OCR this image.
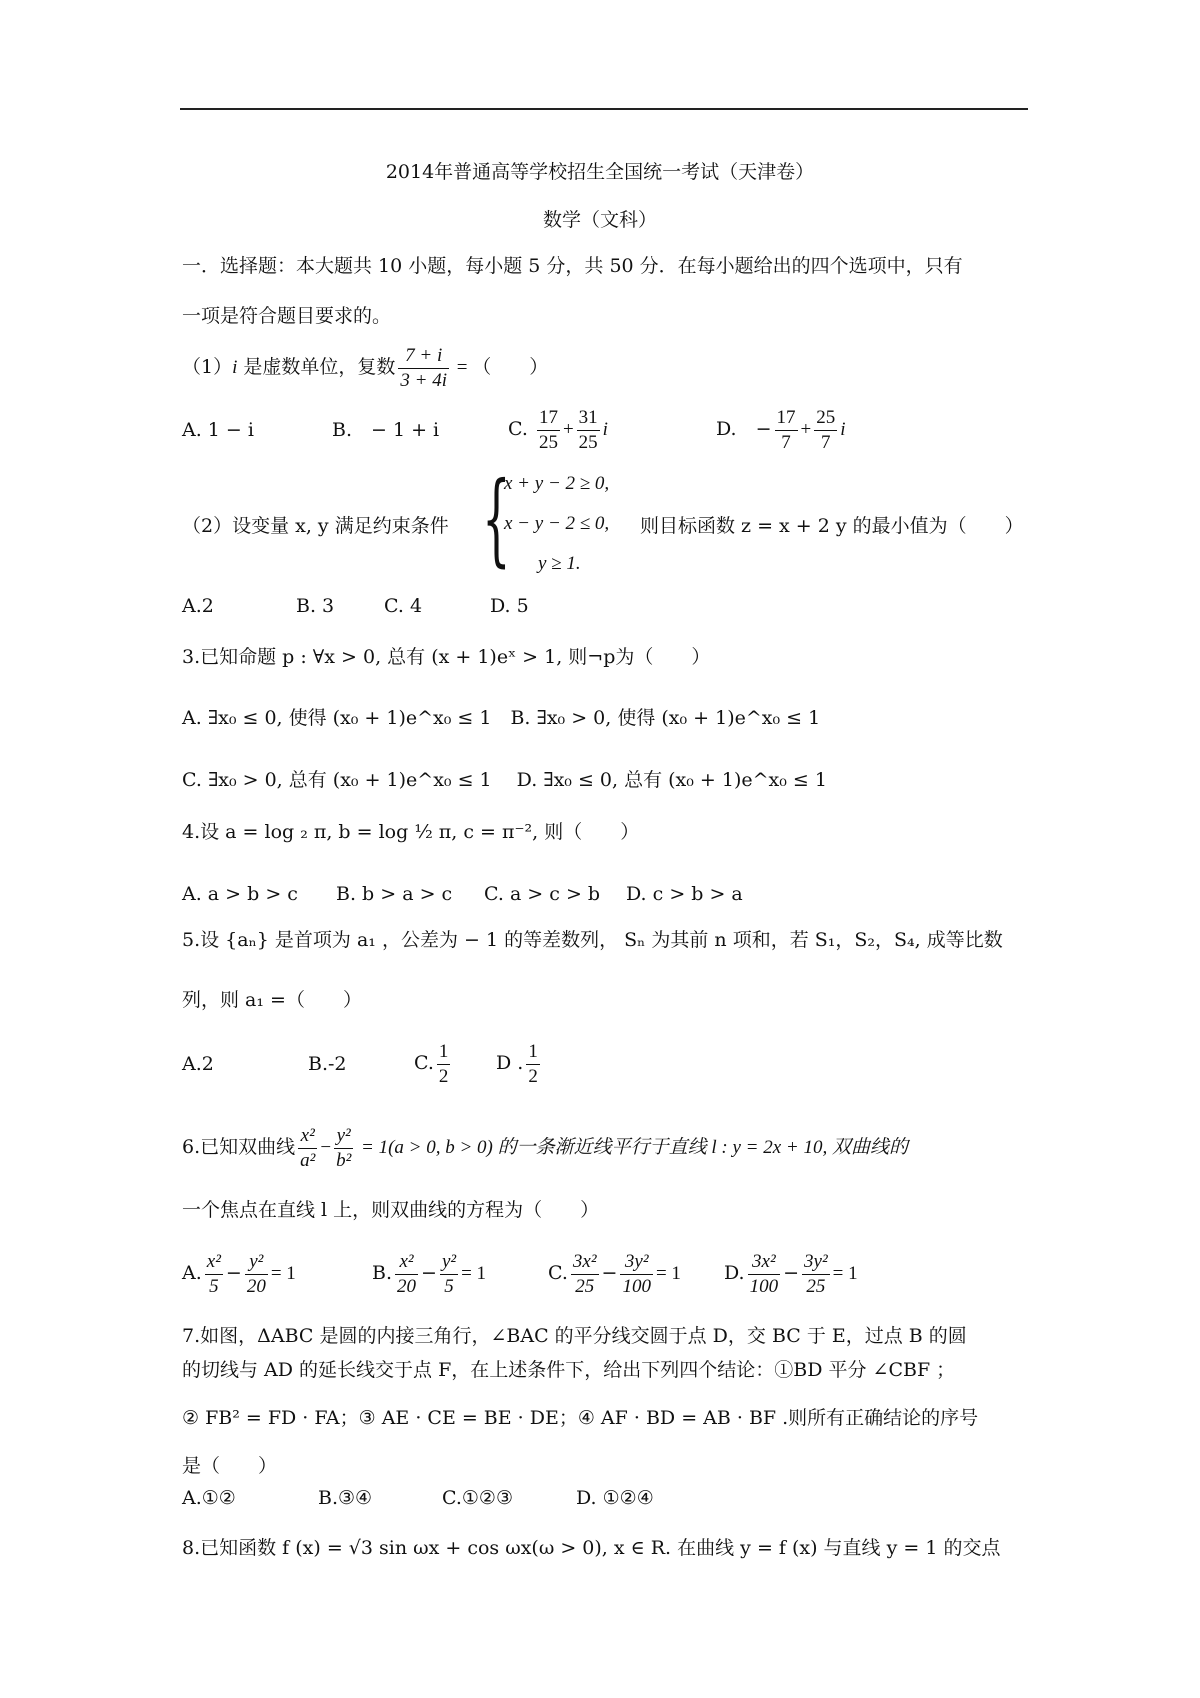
2014年普通高等学校招生全国统一考试（天津卷）
数学（文科）
一．选择题：本大题共 10 小题，每小题 5 分，共 50 分．在每小题给出的四个选项中，只有
一项是符合题目要求的。
（1）i 是虚数单位，复数 $\frac{7 + i}{3 + 4i}$ = （　　）
A. 1 − i	B.　− 1 + i	C. $\frac{17}{25} + \frac{31}{25}$ i	D.　− $\frac{17}{7} + \frac{25}{7}$ i
（2）设变量 x, y 满足约束条件 {
x + y − 2 ≥ 0,
x − y − 2 ≤ 0,
y ≥ 1.
则目标函数 z = x + 2 y 的最小值为（　　）
A.2	B. 3	C. 4	D. 5
3.已知命题 p : ∀x > 0, 总有 (x + 1)eˣ > 1, 则¬p为（　　）
A. ∃x₀ ≤ 0, 使得 (x₀ + 1)e^x₀ ≤ 1　B. ∃x₀ > 0, 使得 (x₀ + 1)e^x₀ ≤ 1
C. ∃x₀ > 0, 总有 (x₀ + 1)e^x₀ ≤ 1　 D. ∃x₀ ≤ 0, 总有 (x₀ + 1)e^x₀ ≤ 1
4.设 a = log ₂ π, b = log ½ π, c = π⁻², 则（　　）
A. a > b > c B. b > a > c C. a > c > b D. c > b > a
5.设 {aₙ} 是首项为 a₁ ，公差为 − 1 的等差数列， Sₙ 为其前 n 项和，若 S₁，S₂，S₄, 成等比数
列，则 a₁ =（　　）
A.2	B.-2	C. $\frac{1}{2}$ D . $\frac{1}{2}$
6.已知双曲线 $\frac{\text{x²}}{\text{a²}} - \frac{\text{y²}}{\text{b²}} = 1(a > 0$, b > 0) 的一条渐近线平行于直线 l : y = 2x + 10, 双曲线的
一个焦点在直线 l 上，则双曲线的方程为（　　）
A. $\frac{\text{x²}}{5} - \frac{\text{y²}}{20} = 1$	B. $\frac{\text{x²}}{20} - \frac{\text{y²}}{5} = 1$	C. $\frac{\text{3x²}}{25} - \frac{\text{3y²}}{100} = 1$ D. $\frac{\text{3x²}}{100} - \frac{\text{3y²}}{25} = 1$
7.如图，ΔABC 是圆的内接三角行，∠BAC 的平分线交圆于点 D，交 BC 于 E，过点 B 的圆
的切线与 AD 的延长线交于点 F，在上述条件下，给出下列四个结论：①BD 平分 ∠CBF ；
② FB² = FD · FA；③ AE · CE = BE · DE；④ AF · BD = AB · BF .则所有正确结论的序号
是（　　）
A.①②	B.③④	C.①②③	D. ①②④
8.已知函数 f (x) = √3 sin ωx + cos ωx(ω > 0), x ∈ R. 在曲线 y = f (x) 与直线 y = 1 的交点
